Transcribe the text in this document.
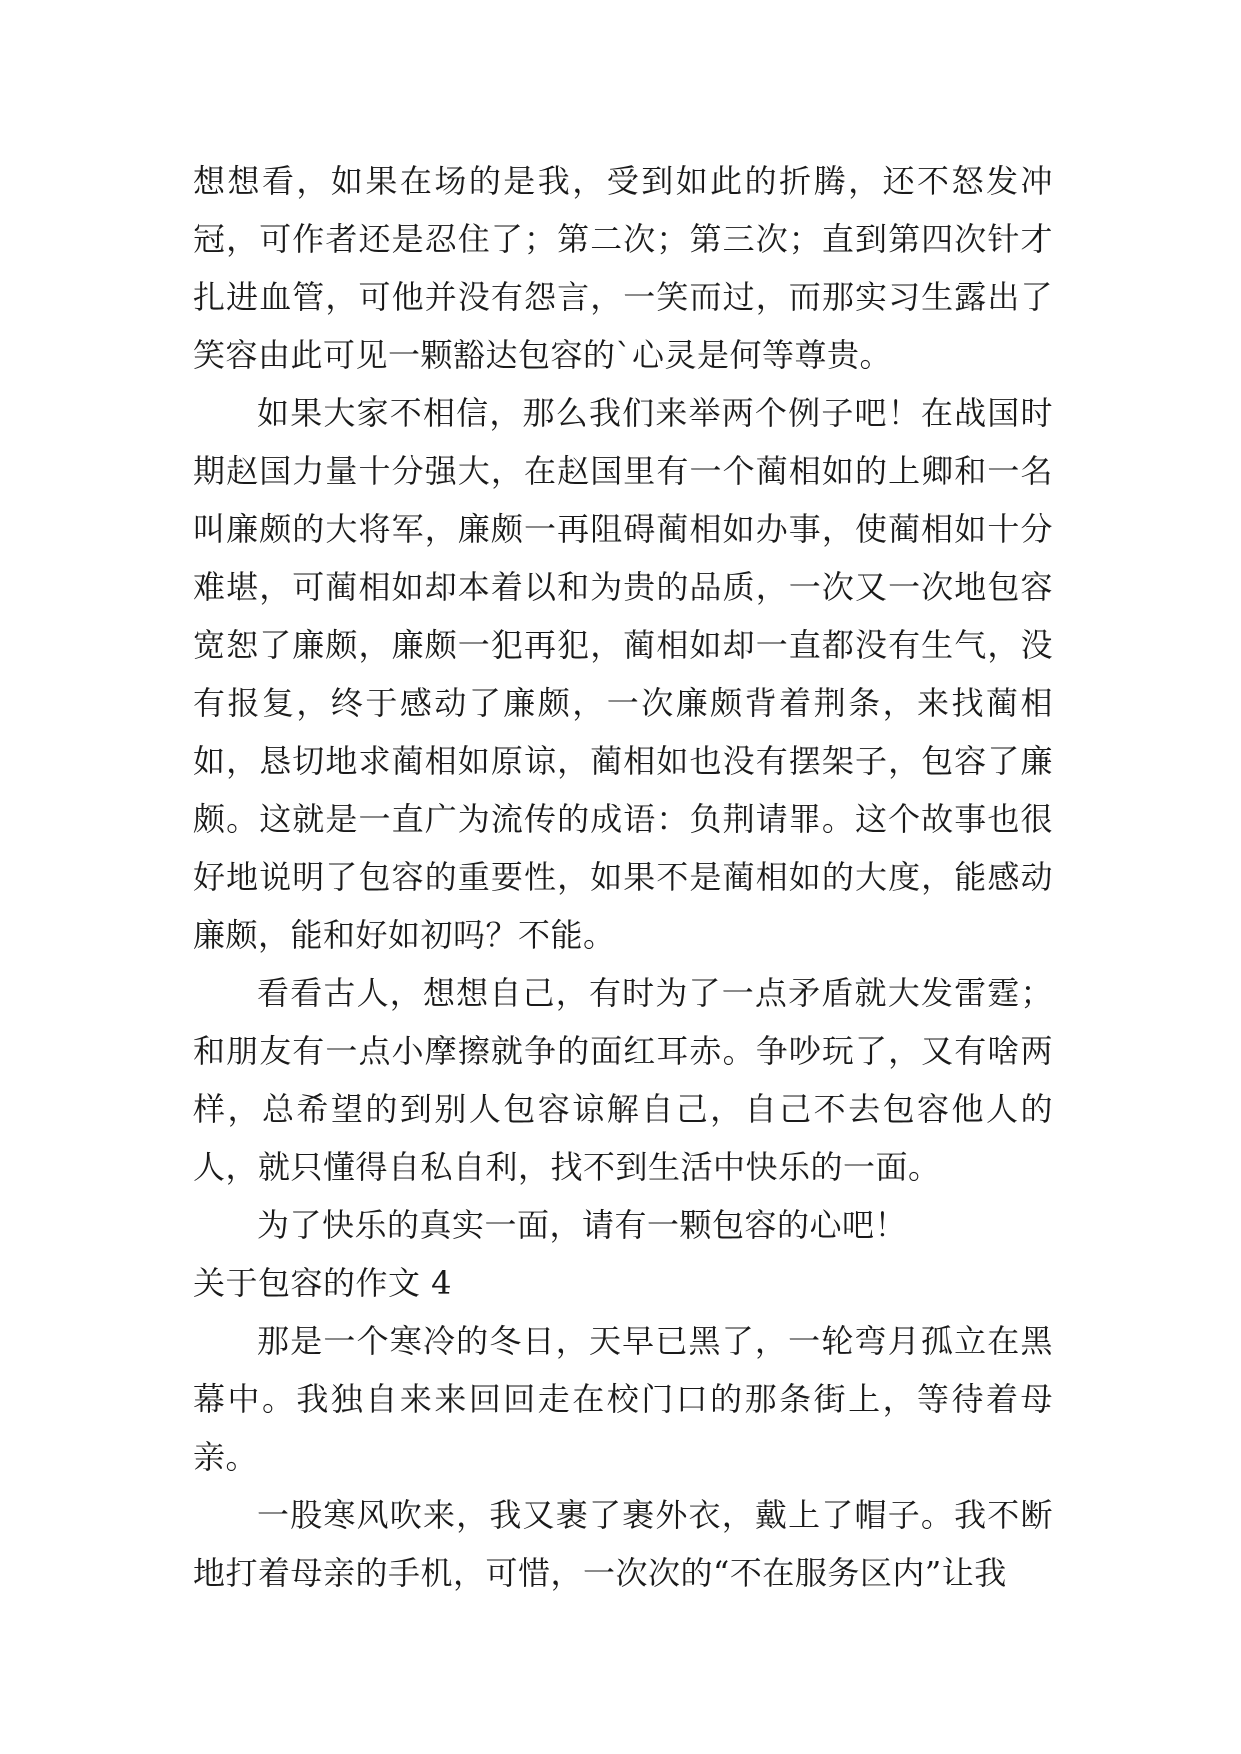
想想看，如果在场的是我，受到如此的折腾，还不怒发冲冠，可作者还是忍住了；第二次；第三次；直到第四次针才扎进血管，可他并没有怨言，一笑而过，而那实习生露出了笑容由此可见一颗豁达包容的`心灵是何等尊贵。

如果大家不相信，那么我们来举两个例子吧！在战国时期赵国力量十分强大，在赵国里有一个蔺相如的上卿和一名叫廉颇的大将军，廉颇一再阻碍蔺相如办事，使蔺相如十分难堪，可蔺相如却本着以和为贵的品质，一次又一次地包容宽恕了廉颇，廉颇一犯再犯，蔺相如却一直都没有生气，没有报复，终于感动了廉颇，一次廉颇背着荆条，来找蔺相如，恳切地求蔺相如原谅，蔺相如也没有摆架子，包容了廉颇。这就是一直广为流传的成语：负荆请罪。这个故事也很好地说明了包容的重要性，如果不是蔺相如的大度，能感动廉颇，能和好如初吗？不能。

看看古人，想想自己，有时为了一点矛盾就大发雷霆；和朋友有一点小摩擦就争的面红耳赤。争吵玩了，又有啥两样，总希望的到别人包容谅解自己，自己不去包容他人的人，就只懂得自私自利，找不到生活中快乐的一面。

为了快乐的真实一面，请有一颗包容的心吧！

关于包容的作文 4

那是一个寒冷的冬日，天早已黑了，一轮弯月孤立在黑幕中。我独自来来回回走在校门口的那条街上，等待着母亲。

一股寒风吹来，我又裹了裹外衣，戴上了帽子。我不断地打着母亲的手机，可惜，一次次的“不在服务区内”让我
